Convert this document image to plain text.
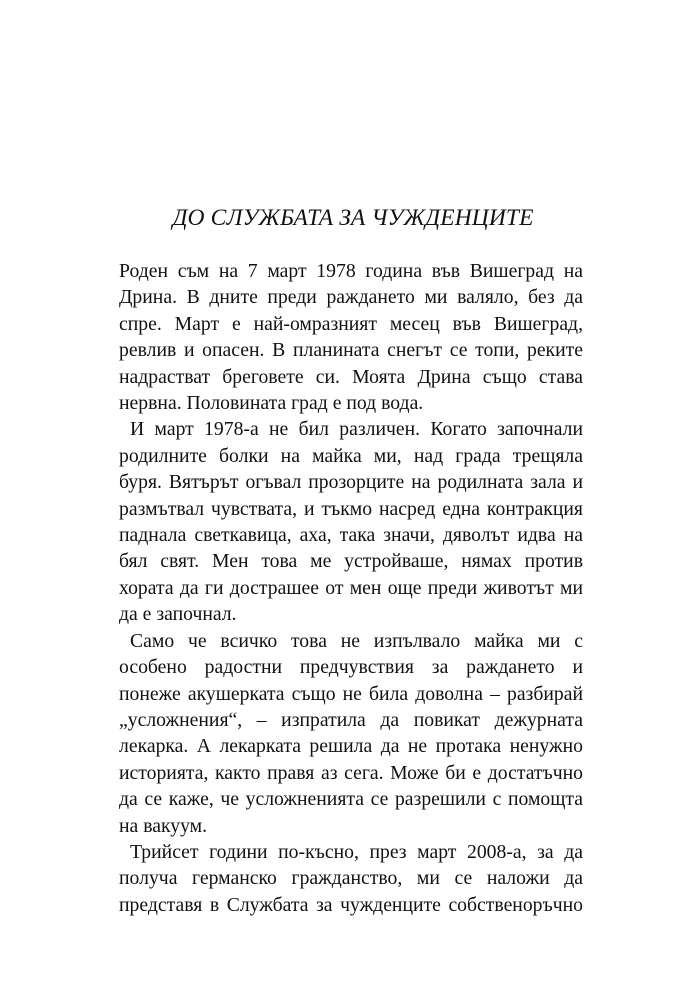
ДО СЛУЖБАТА ЗА ЧУЖДЕНЦИТЕ

Роден съм на 7 март 1978 година във Вишеград на
Дрина. В дните преди раждането ми валяло, без да
спре. Март е най-омразният месец във Вишеград,
ревлив и опасен. В планината снегът се топи, реките
надрастват бреговете си. Моята Дрина също става
нервна. Половината град е под вода.

И март 1978-а не бил различен. Когато започнали
родилните болки на майка ми, над града трещяла
буря. Вятърът огъвал прозорците на родилната зала и
размътвал чувствата, и тъкмо насред една контракция
паднала светкавица, аха, така значи, дяволът идва на
бял свят. Мен това ме устройваше, нямах против
хората да ги дострашее от мен още преди животът ми
да е започнал.

Само че всичко това не изпълвало майка ми с
особено радостни предчувствия за раждането и
понеже акушерката също не била доволна – разбирай
„усложнения“, – изпратила да повикат дежурната
лекарка. А лекарката решила да не протака ненужно
историята, както правя аз сега. Може би е достатъчно
да се каже, че усложненията се разрешили с помощта
на вакуум.

Трийсет години по-късно, през март 2008-а, за да
получа германско гражданство, ми се наложи да
представя в Службата за чужденците собственоръчно
